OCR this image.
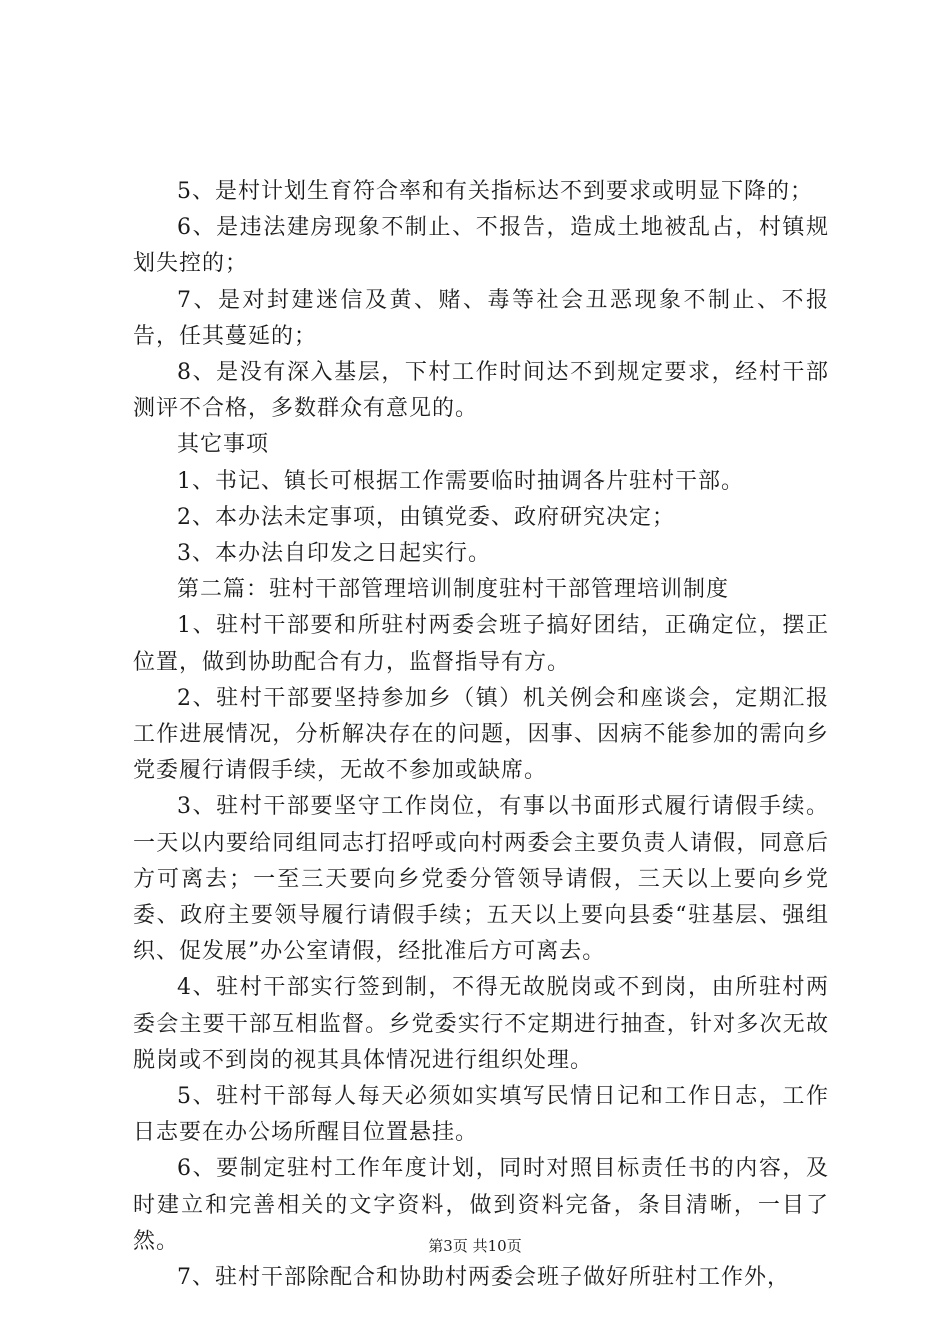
5、是村计划生育符合率和有关指标达不到要求或明显下降的；

6、是违法建房现象不制止、不报告，造成土地被乱占，村镇规划失控的；

7、是对封建迷信及黄、赌、毒等社会丑恶现象不制止、不报告，任其蔓延的；

8、是没有深入基层，下村工作时间达不到规定要求，经村干部测评不合格，多数群众有意见的。

其它事项

1、书记、镇长可根据工作需要临时抽调各片驻村干部。

2、本办法未定事项，由镇党委、政府研究决定；

3、本办法自印发之日起实行。

第二篇：驻村干部管理培训制度驻村干部管理培训制度

1、驻村干部要和所驻村两委会班子搞好团结，正确定位，摆正位置，做到协助配合有力，监督指导有方。

2、驻村干部要坚持参加乡（镇）机关例会和座谈会，定期汇报工作进展情况，分析解决存在的问题，因事、因病不能参加的需向乡党委履行请假手续，无故不参加或缺席。

3、驻村干部要坚守工作岗位，有事以书面形式履行请假手续。一天以内要给同组同志打招呼或向村两委会主要负责人请假，同意后方可离去；一至三天要向乡党委分管领导请假，三天以上要向乡党委、政府主要领导履行请假手续；五天以上要向县委“驻基层、强组织、促发展”办公室请假，经批准后方可离去。

4、驻村干部实行签到制，不得无故脱岗或不到岗，由所驻村两委会主要干部互相监督。乡党委实行不定期进行抽查，针对多次无故脱岗或不到岗的视其具体情况进行组织处理。

5、驻村干部每人每天必须如实填写民情日记和工作日志，工作日志要在办公场所醒目位置悬挂。

6、要制定驻村工作年度计划，同时对照目标责任书的内容，及时建立和完善相关的文字资料，做到资料完备，条目清晰，一目了然。

7、驻村干部除配合和协助村两委会班子做好所驻村工作外，

第3页 共10页
